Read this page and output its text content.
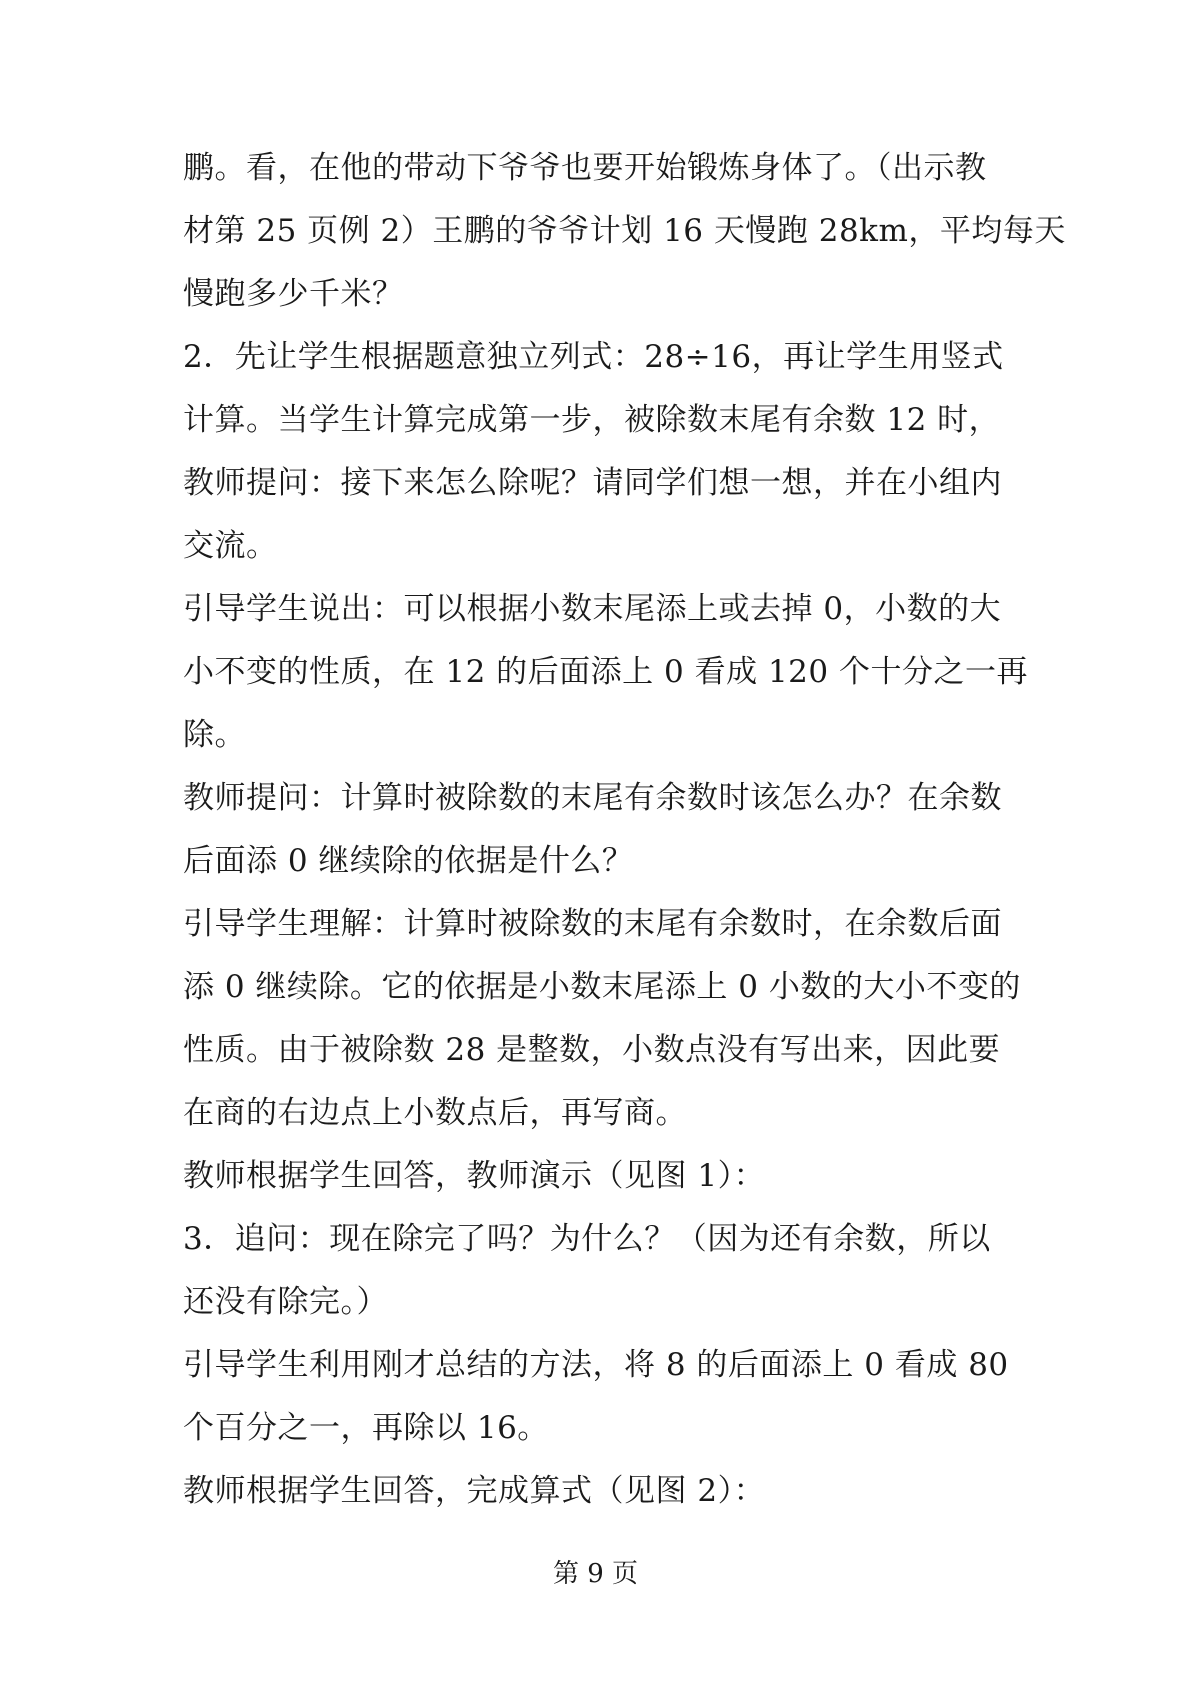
鹏。看，在他的带动下爷爷也要开始锻炼身体了。（出示教
材第 25 页例 2）王鹏的爷爷计划 16 天慢跑 28km，平均每天
慢跑多少千米？
2．先让学生根据题意独立列式：28÷16，再让学生用竖式
计算。当学生计算完成第一步，被除数末尾有余数 12 时，
教师提问：接下来怎么除呢？请同学们想一想，并在小组内
交流。
引导学生说出：可以根据小数末尾添上或去掉 0，小数的大
小不变的性质，在 12 的后面添上 0 看成 120 个十分之一再
除。
教师提问：计算时被除数的末尾有余数时该怎么办？在余数
后面添 0 继续除的依据是什么？
引导学生理解：计算时被除数的末尾有余数时，在余数后面
添 0 继续除。它的依据是小数末尾添上 0 小数的大小不变的
性质。由于被除数 28 是整数，小数点没有写出来，因此要
在商的右边点上小数点后，再写商。
教师根据学生回答，教师演示（见图 1）：
3．追问：现在除完了吗？为什么？（因为还有余数，所以
还没有除完。）
引导学生利用刚才总结的方法，将 8 的后面添上 0 看成 80
个百分之一，再除以 16。
教师根据学生回答，完成算式（见图 2）：
第 9 页
